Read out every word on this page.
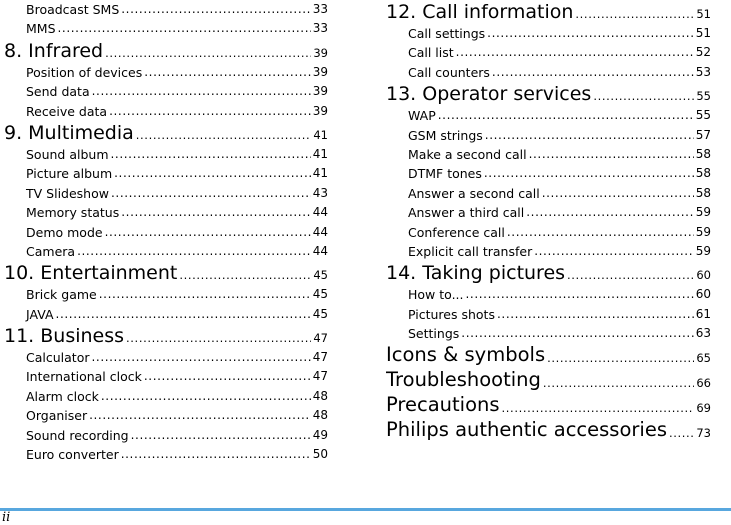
Broadcast SMS .....	33
MMS .....	33
8. Infrared .....	39
Position of devices .....	39
Send data .....	39
Receive data .....	39
9. Multimedia .....	41
Sound album .....	41
Picture album .....	41
TV Slideshow .....	43
Memory status .....	44
Demo mode .....	44
Camera .....	44
10. Entertainment .....	45
Brick game .....	45
JAVA .....	45
11. Business .....	47
Calculator .....	47
International clock .....	47
Alarm clock .....	48
Organiser .....	48
Sound recording .....	49
Euro converter .....	50
12. Call information .....	51
Call settings .....	51
Call list .....	52
Call counters .....	53
13. Operator services .....	55
WAP .....	55
GSM strings .....	57
Make a second call .....	58
DTMF tones .....	58
Answer a second call .....	58
Answer a third call .....	59
Conference call .....	59
Explicit call transfer .....	59
14. Taking pictures .....	60
How to... .....	60
Pictures shots .....	61
Settings .....	63
Icons & symbols .....	65
Troubleshooting .....	66
Precautions .....	69
Philips authentic accessories .....	73
ii
